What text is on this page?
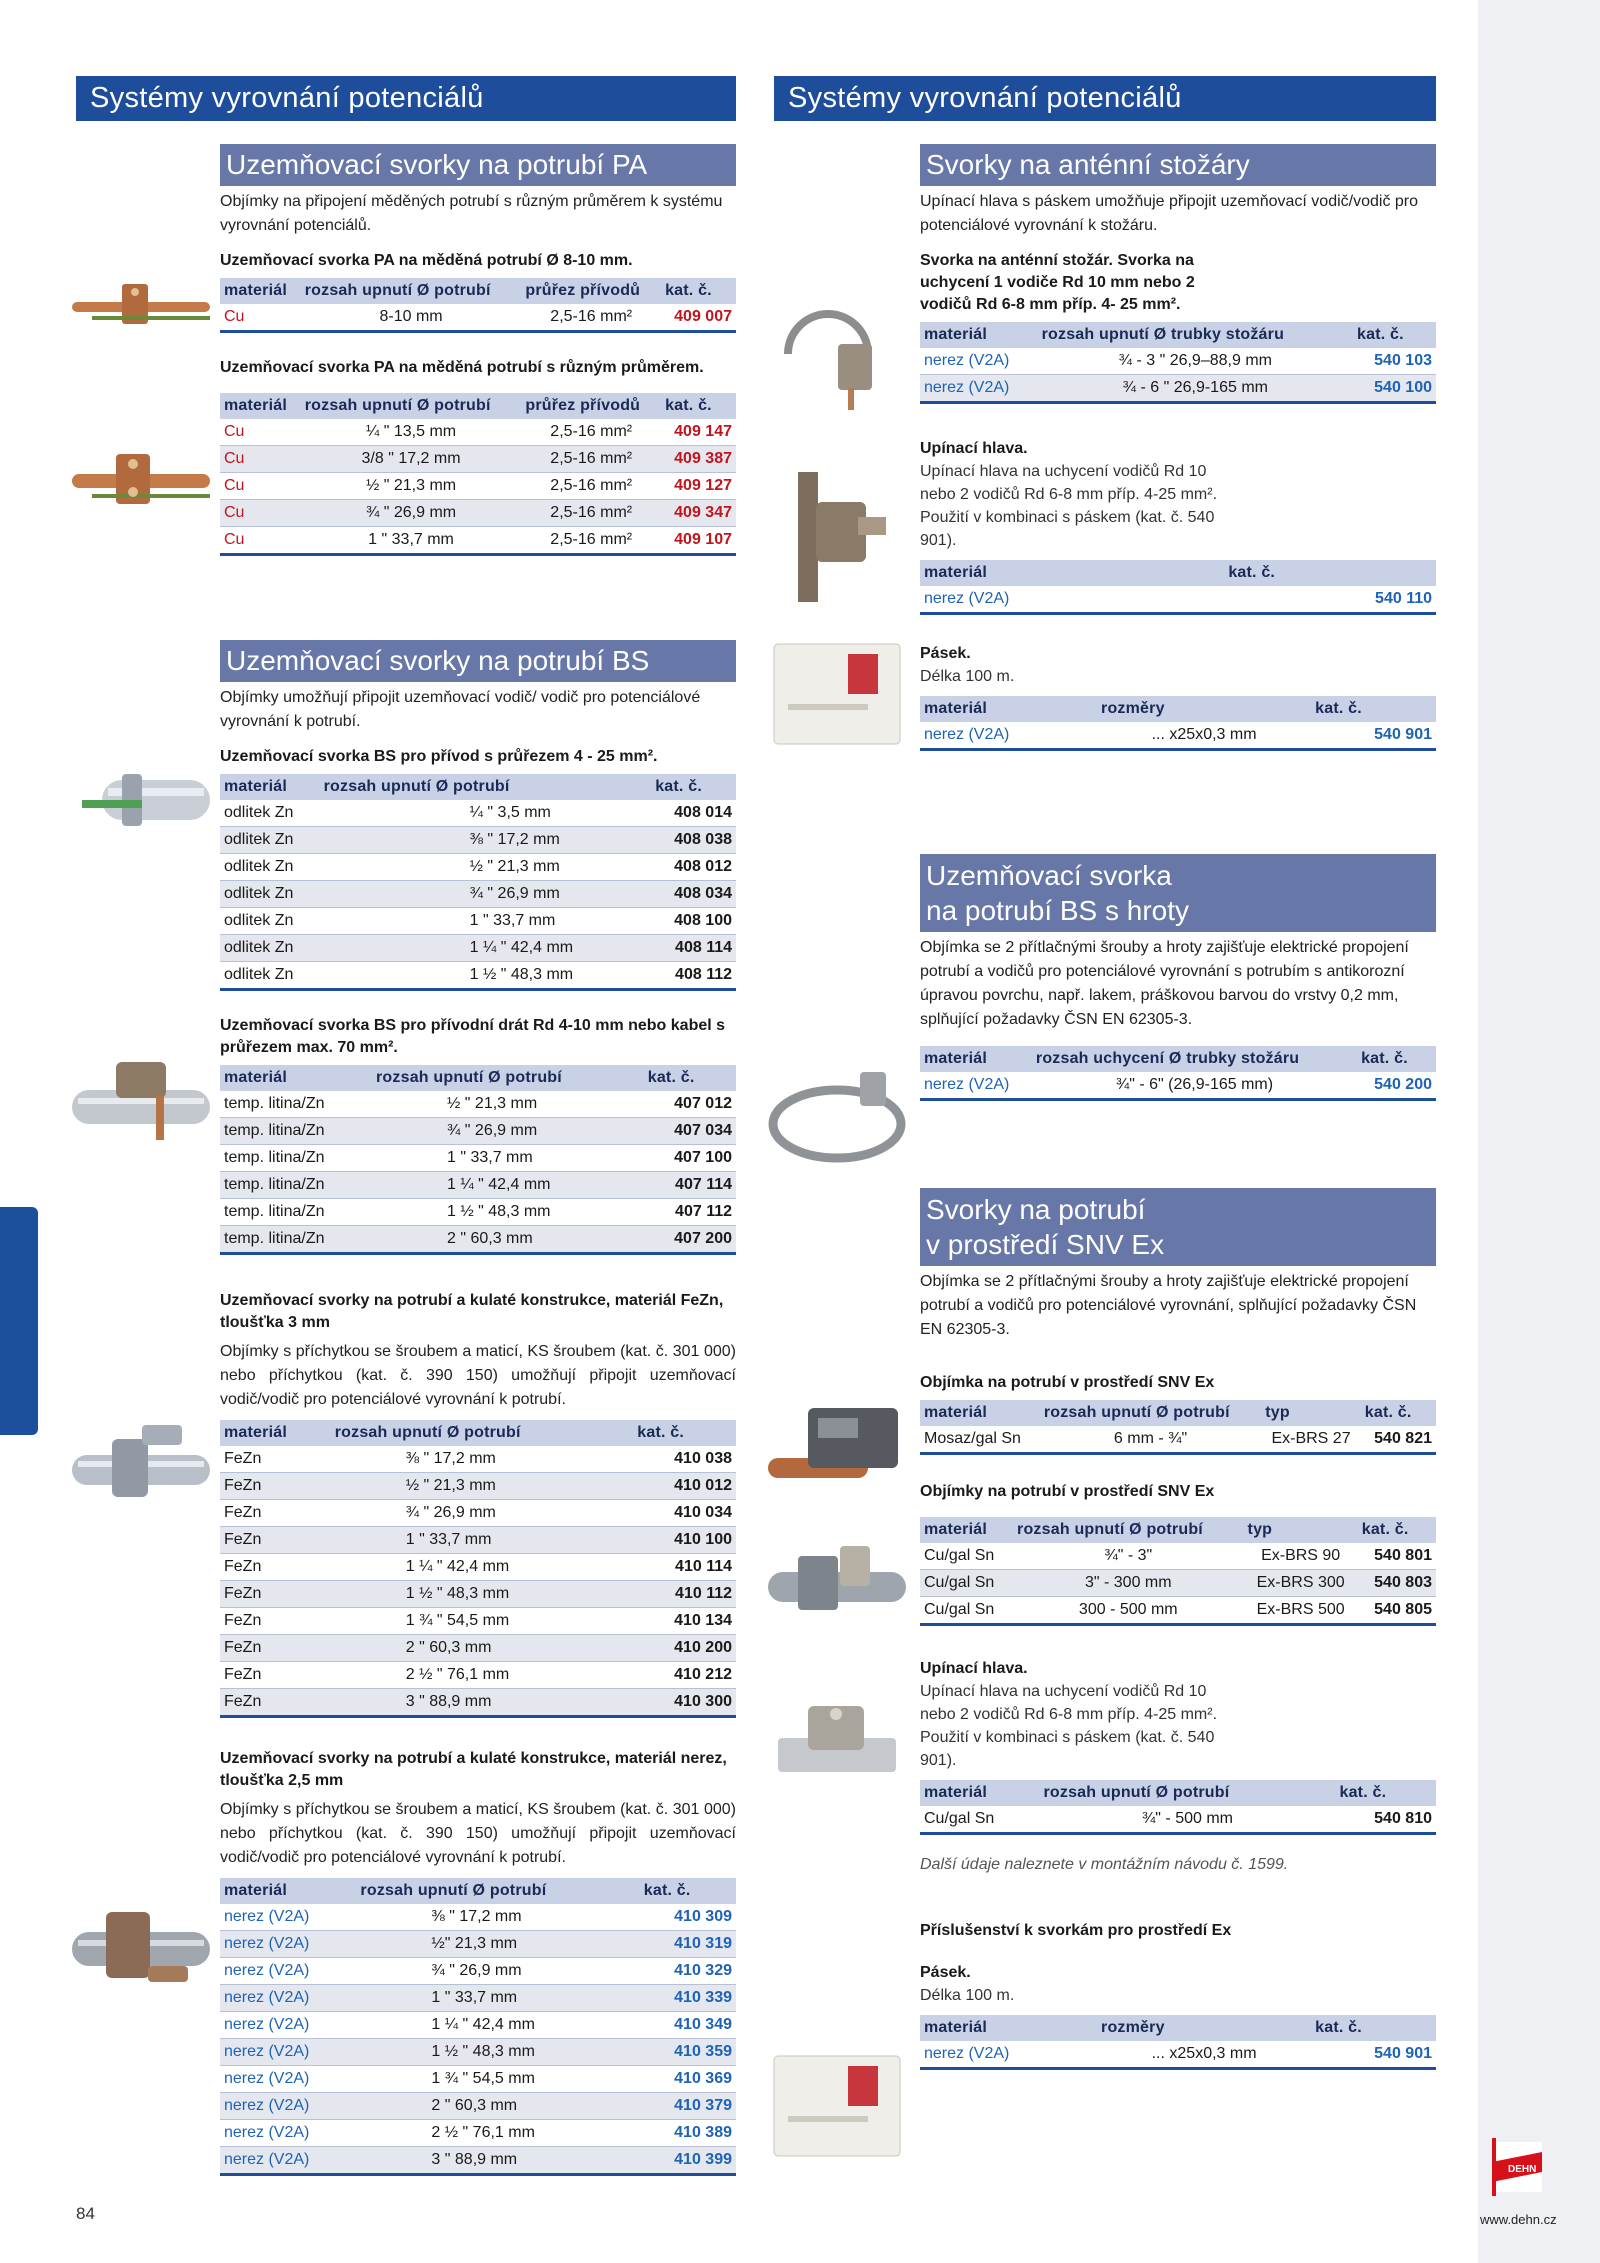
Systémy vyrovnání potenciálů
Uzemňovací svorky na potrubí PA
Objímky na připojení měděných potrubí s různým průměrem k systému vyrovnání potenciálů.
Uzemňovací svorka PA na měděná potrubí Ø 8-10 mm.
materiál	rozsah upnutí Ø potrubí	průřez přívodů	kat. č.
Cu	8-10 mm	2,5-16 mm²	409 007
Uzemňovací svorka PA na měděná potrubí s různým průměrem.
materiál	rozsah upnutí Ø potrubí	průřez přívodů	kat. č.
Cu	¼ " 13,5 mm	2,5-16 mm²	409 147
Cu	3/8 " 17,2 mm	2,5-16 mm²	409 387
Cu	½ " 21,3 mm	2,5-16 mm²	409 127
Cu	¾ " 26,9 mm	2,5-16 mm²	409 347
Cu	1 " 33,7 mm	2,5-16 mm²	409 107
Uzemňovací svorky na potrubí BS
Objímky umožňují připojit uzemňovací vodič/ vodič pro potenciálové vyrovnání k potrubí.
Uzemňovací svorka BS pro přívod s průřezem 4 - 25 mm².
materiál	rozsah upnutí Ø potrubí	kat. č.
odlitek Zn	¼ " 3,5 mm	408 014
odlitek Zn	⅜ " 17,2 mm	408 038
odlitek Zn	½ " 21,3 mm	408 012
odlitek Zn	¾ " 26,9 mm	408 034
odlitek Zn	1 " 33,7 mm	408 100
odlitek Zn	1 ¼ " 42,4 mm	408 114
odlitek Zn	1 ½ " 48,3 mm	408 112
Uzemňovací svorka BS pro přívodní drát Rd 4-10 mm nebo kabel s průřezem max. 70 mm².
materiál	rozsah upnutí Ø potrubí	kat. č.
temp. litina/Zn	½ " 21,3 mm	407 012
temp. litina/Zn	¾ " 26,9 mm	407 034
temp. litina/Zn	1 " 33,7 mm	407 100
temp. litina/Zn	1 ¼ " 42,4 mm	407 114
temp. litina/Zn	1 ½ " 48,3 mm	407 112
temp. litina/Zn	2 " 60,3 mm	407 200
Uzemňovací svorky na potrubí a kulaté konstrukce, materiál FeZn, tloušťka 3 mm
Objímky s příchytkou se šroubem a maticí, KS šroubem (kat. č. 301 000) nebo příchytkou (kat. č. 390 150) umožňují připojit uzemňovací vodič/vodič pro potenciálové vyrovnání k potrubí.
materiál	rozsah upnutí Ø potrubí	kat. č.
FeZn	⅜ " 17,2 mm	410 038
FeZn	½ " 21,3 mm	410 012
FeZn	¾ " 26,9 mm	410 034
FeZn	1 " 33,7 mm	410 100
FeZn	1 ¼ " 42,4 mm	410 114
FeZn	1 ½ " 48,3 mm	410 112
FeZn	1 ¾ " 54,5 mm	410 134
FeZn	2 " 60,3 mm	410 200
FeZn	2 ½ " 76,1 mm	410 212
FeZn	3 " 88,9 mm	410 300
Uzemňovací svorky na potrubí a kulaté konstrukce, materiál nerez, tloušťka 2,5 mm
Objímky s příchytkou se šroubem a maticí, KS šroubem (kat. č. 301 000) nebo příchytkou (kat. č. 390 150) umožňují připojit uzemňovací vodič/vodič pro potenciálové vyrovnání k potrubí.
materiál	rozsah upnutí Ø potrubí	kat. č.
nerez (V2A)	⅜ " 17,2 mm	410 309
nerez (V2A)	½" 21,3 mm	410 319
nerez (V2A)	¾ " 26,9 mm	410 329
nerez (V2A)	1 " 33,7 mm	410 339
nerez (V2A)	1 ¼ " 42,4 mm	410 349
nerez (V2A)	1 ½ " 48,3 mm	410 359
nerez (V2A)	1 ¾ " 54,5 mm	410 369
nerez (V2A)	2 " 60,3 mm	410 379
nerez (V2A)	2 ½ " 76,1 mm	410 389
nerez (V2A)	3 " 88,9 mm	410 399
Systémy vyrovnání potenciálů
Svorky na anténní stožáry
Upínací hlava s páskem umožňuje připojit uzemňovací vodič/vodič pro potenciálové vyrovnání k stožáru.
Svorka na anténní stožár. Svorka na uchycení 1 vodiče Rd 10 mm nebo 2 vodičů Rd 6-8 mm příp. 4- 25 mm².
materiál	rozsah upnutí Ø trubky stožáru	kat. č.
nerez (V2A)	¾ - 3 " 26,9–88,9 mm	540 103
nerez (V2A)	¾ - 6 " 26,9-165 mm	540 100
Upínací hlava.
Upínací hlava na uchycení vodičů Rd 10 nebo 2 vodičů Rd 6-8 mm příp. 4-25 mm². Použití v kombinaci s páskem (kat. č. 540 901).
materiál	kat. č.
nerez (V2A)	540 110
Pásek.
Délka 100 m.
materiál	rozměry	kat. č.
nerez (V2A)	... x25x0,3 mm	540 901
Uzemňovací svorka
na potrubí BS s hroty
Objímka se 2 přítlačnými šrouby a hroty zajišťuje elektrické propojení potrubí a vodičů pro potenciálové vyrovnání s potrubím s antikorozní úpravou povrchu, např. lakem, práškovou barvou do vrstvy 0,2 mm, splňující požadavky ČSN EN 62305-3.
materiál	rozsah uchycení Ø trubky stožáru	kat. č.
nerez (V2A)	¾" - 6" (26,9-165 mm)	540 200
Svorky na potrubí
v prostředí SNV Ex
Objímka se 2 přítlačnými šrouby a hroty zajišťuje elektrické propojení potrubí a vodičů pro potenciálové vyrovnání, splňující požadavky ČSN EN 62305-3.
Objímka na potrubí v prostředí SNV Ex
materiál	rozsah upnutí Ø potrubí	typ	kat. č.
Mosaz/gal Sn	6 mm - ¾"	Ex-BRS 27	540 821
Objímky na potrubí v prostředí SNV Ex
materiál	rozsah upnutí Ø potrubí	typ	kat. č.
Cu/gal Sn	¾" - 3"	Ex-BRS 90	540 801
Cu/gal Sn	3" - 300 mm	Ex-BRS 300	540 803
Cu/gal Sn	300 - 500 mm	Ex-BRS 500	540 805
Upínací hlava.
Upínací hlava na uchycení vodičů Rd 10 nebo 2 vodičů Rd 6-8 mm příp. 4-25 mm². Použití v kombinaci s páskem (kat. č. 540 901).
materiál	rozsah upnutí Ø potrubí	kat. č.
Cu/gal Sn	¾" - 500 mm	540 810
Další údaje naleznete v montážním návodu č. 1599.
Příslušenství k svorkám pro prostředí Ex
Pásek.
Délka 100 m.
materiál	rozměry	kat. č.
nerez (V2A)	... x25x0,3 mm	540 901
84
DEHN
www.dehn.cz
